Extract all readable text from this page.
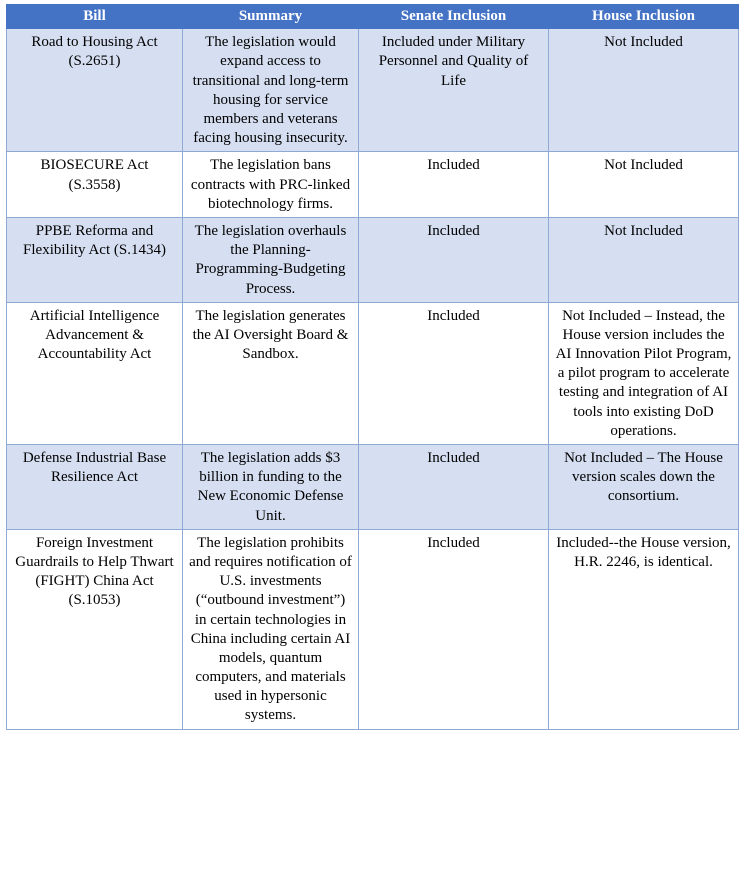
Bill	Summary	Senate Inclusion	House Inclusion
Road to Housing Act (S.2651)	The legislation would expand access to transitional and long-term housing for service members and veterans facing housing insecurity.	Included under Military Personnel and Quality of Life	Not Included
BIOSECURE Act (S.3558)	The legislation bans contracts with PRC-linked biotechnology firms.	Included	Not Included
PPBE Reforma and Flexibility Act (S.1434)	The legislation overhauls the Planning-Programming-Budgeting Process.	Included	Not Included
Artificial Intelligence Advancement & Accountability Act	The legislation generates the AI Oversight Board & Sandbox.	Included	Not Included – Instead, the House version includes the AI Innovation Pilot Program, a pilot program to accelerate testing and integration of AI tools into existing DoD operations.
Defense Industrial Base Resilience Act	The legislation adds $3 billion in funding to the New Economic Defense Unit.	Included	Not Included – The House version scales down the consortium.
Foreign Investment Guardrails to Help Thwart (FIGHT) China Act (S.1053)	The legislation prohibits and requires notification of U.S. investments (“outbound investment”) in certain technologies in China including certain AI models, quantum computers, and materials used in hypersonic systems.	Included	Included--the House version, H.R. 2246, is identical.
